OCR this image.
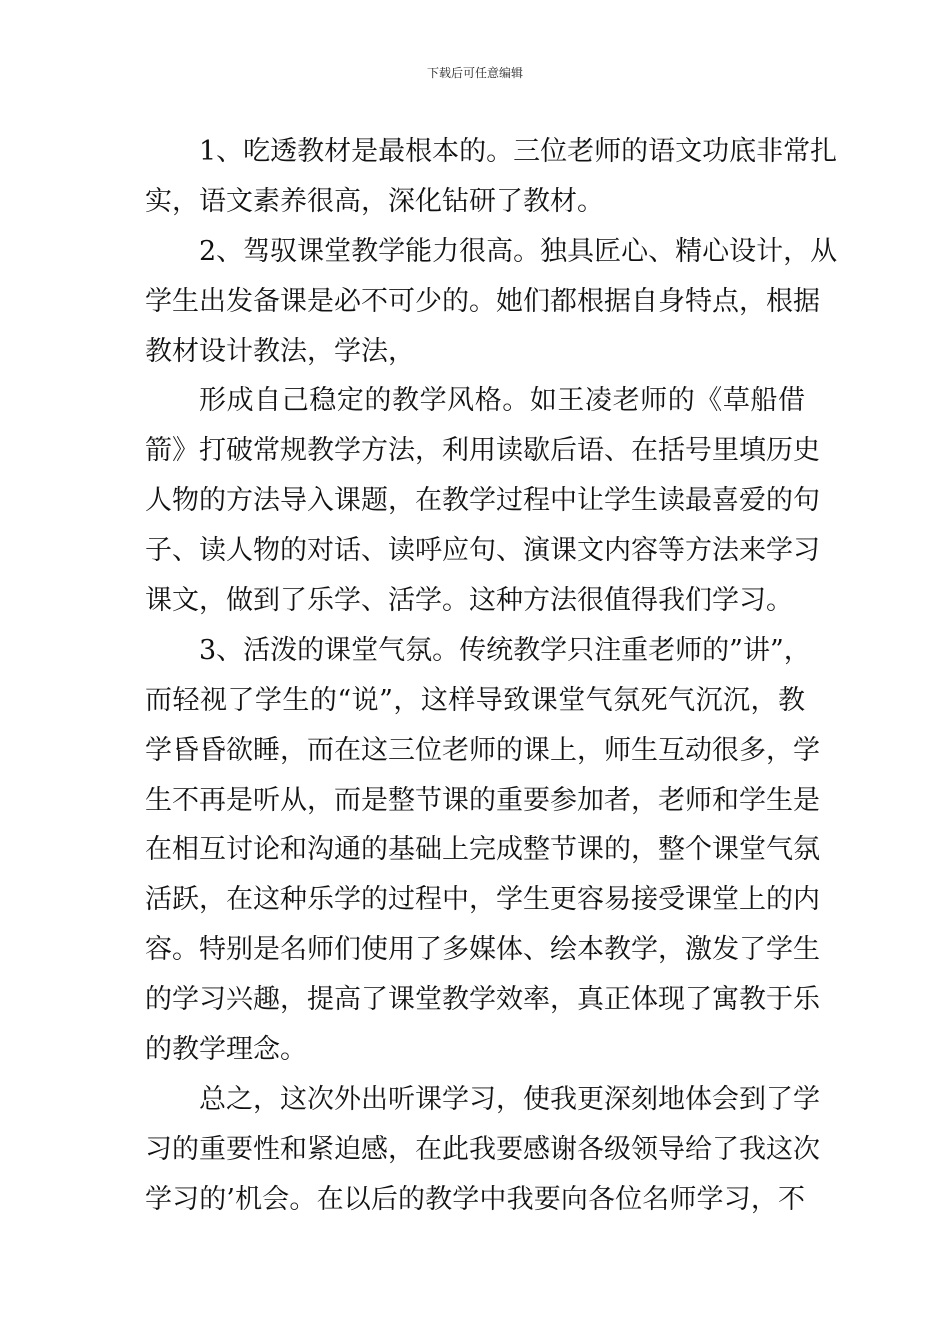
下载后可任意编辑
1、吃透教材是最根本的。三位老师的语文功底非常扎
实，语文素养很高，深化钻研了教材。
2、驾驭课堂教学能力很高。独具匠心、精心设计，从
学生出发备课是必不可少的。她们都根据自身特点，根据
教材设计教法，学法，
形成自己稳定的教学风格。如王凌老师的《草船借
箭》打破常规教学方法，利用读歇后语、在括号里填历史
人物的方法导入课题，在教学过程中让学生读最喜爱的句
子、读人物的对话、读呼应句、演课文内容等方法来学习
课文，做到了乐学、活学。这种方法很值得我们学习。
3、活泼的课堂气氛。传统教学只注重老师的”讲”，
而轻视了学生的“说”，这样导致课堂气氛死气沉沉，教
学昏昏欲睡，而在这三位老师的课上，师生互动很多，学
生不再是听从，而是整节课的重要参加者，老师和学生是
在相互讨论和沟通的基础上完成整节课的，整个课堂气氛
活跃，在这种乐学的过程中，学生更容易接受课堂上的内
容。特别是名师们使用了多媒体、绘本教学，激发了学生
的学习兴趣，提高了课堂教学效率，真正体现了寓教于乐
的教学理念。
总之，这次外出听课学习，使我更深刻地体会到了学
习的重要性和紧迫感，在此我要感谢各级领导给了我这次
学习的’机会。在以后的教学中我要向各位名师学习，不
